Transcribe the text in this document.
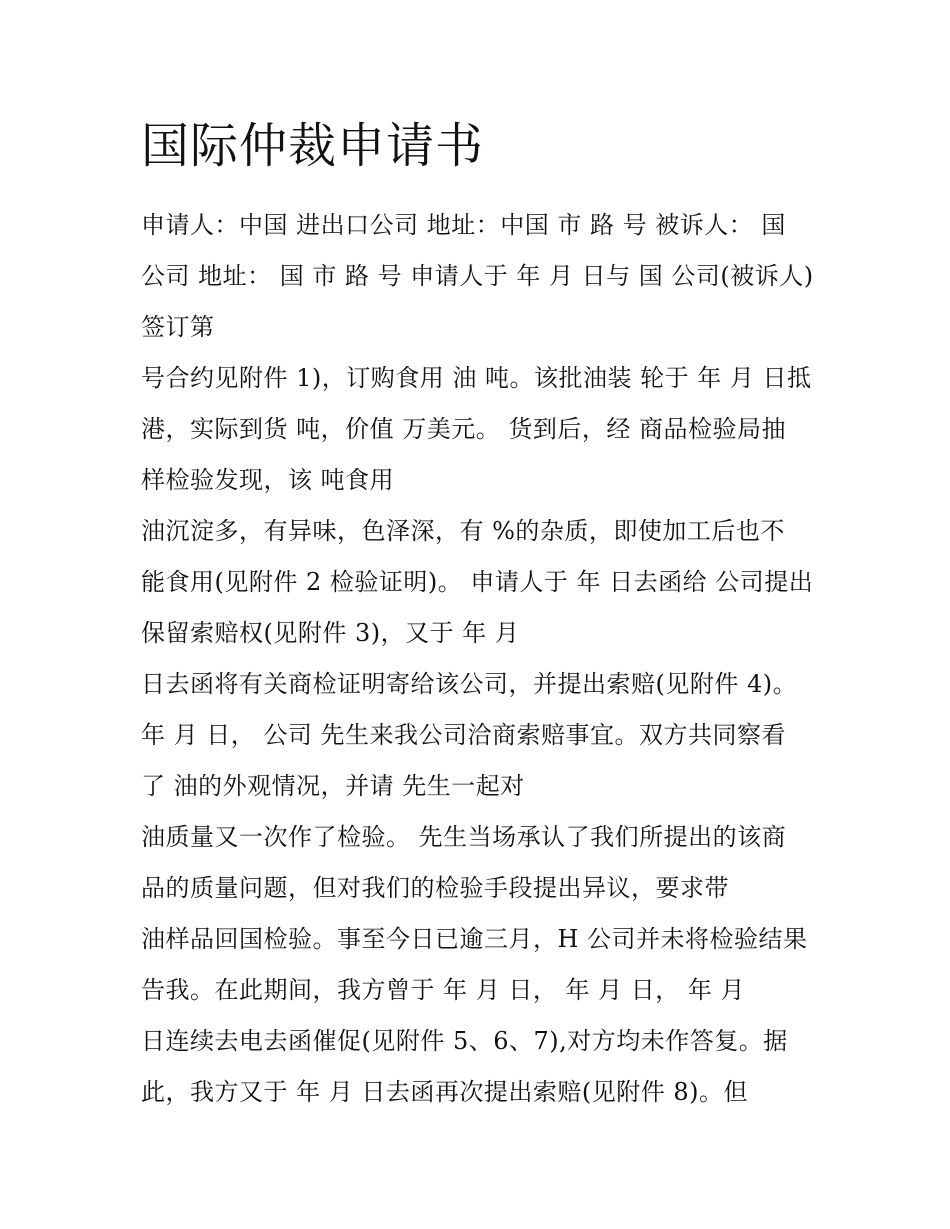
国际仲裁申请书
申请人：中国 进出口公司 地址：中国 市 路 号 被诉人： 国
公司 地址： 国 市 路 号 申请人于 年 月 日与 国 公司(被诉人)
签订第
号合约见附件 1)，订购食用 油 吨。该批油装 轮于 年 月 日抵
港，实际到货 吨，价值 万美元。 货到后，经 商品检验局抽
样检验发现，该 吨食用
油沉淀多，有异味，色泽深，有 %的杂质，即使加工后也不
能食用(见附件 2 检验证明)。 申请人于 年 日去函给 公司提出
保留索赔权(见附件 3)，又于 年 月
日去函将有关商检证明寄给该公司，并提出索赔(见附件 4)。
年 月 日， 公司 先生来我公司洽商索赔事宜。双方共同察看
了 油的外观情况，并请 先生一起对
油质量又一次作了检验。 先生当场承认了我们所提出的该商
品的质量问题，但对我们的检验手段提出异议，要求带
油样品回国检验。事至今日已逾三月，H 公司并未将检验结果
告我。在此期间，我方曾于 年 月 日， 年 月 日， 年 月
日连续去电去函催促(见附件 5、6、7),对方均未作答复。据
此，我方又于 年 月 日去函再次提出索赔(见附件 8)。但
